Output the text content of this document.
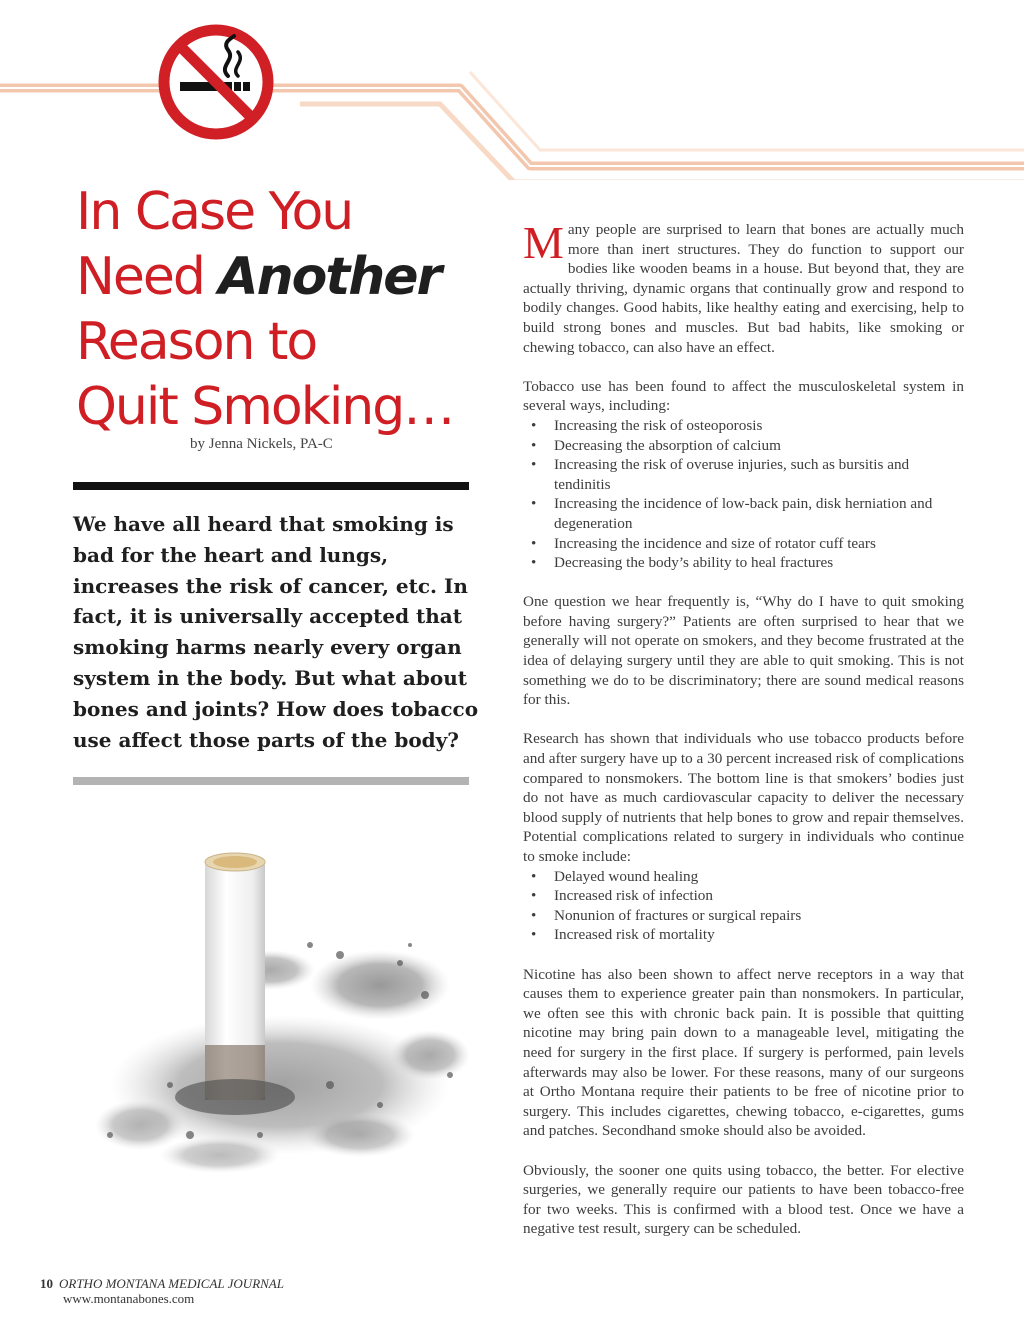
In Case You
Need Another
Reason to
Quit Smoking…
by Jenna Nickels, PA-C
We have all heard that smoking is bad for the heart and lungs, increases the risk of cancer, etc. In fact, it is universally accepted that smoking harms nearly every organ system in the body. But what about bones and joints? How does tobacco use affect those parts of the body?

Many people are surprised to learn that bones are actually much more than inert structures. They do function to support our bodies like wooden beams in a house. But beyond that, they are actually thriving, dynamic organs that continually grow and respond to bodily changes. Good habits, like healthy eating and exercising, help to build strong bones and muscles. But bad habits, like smoking or chewing tobacco, can also have an effect.

Tobacco use has been found to affect the musculoskeletal system in several ways, including:

• Increasing the risk of osteoporosis
• Decreasing the absorption of calcium
• Increasing the risk of overuse injuries, such as bursitis and tendinitis
• Increasing the incidence of low-back pain, disk herniation and degeneration
• Increasing the incidence and size of rotator cuff tears
• Decreasing the body’s ability to heal fractures

One question we hear frequently is, “Why do I have to quit smoking before having surgery?” Patients are often surprised to hear that we generally will not operate on smokers, and they become frustrated at the idea of delaying surgery until they are able to quit smoking. This is not something we do to be discriminatory; there are sound medical reasons for this.

Research has shown that individuals who use tobacco products before and after surgery have up to a 30 percent increased risk of complications compared to nonsmokers. The bottom line is that smokers’ bodies just do not have as much cardiovascular capacity to deliver the necessary blood supply of nutrients that help bones to grow and repair themselves. Potential complications related to surgery in individuals who continue to smoke include:

• Delayed wound healing
• Increased risk of infection
• Nonunion of fractures or surgical repairs
• Increased risk of mortality

Nicotine has also been shown to affect nerve receptors in a way that causes them to experience greater pain than nonsmokers. In particular, we often see this with chronic back pain. It is possible that quitting nicotine may bring pain down to a manageable level, mitigating the need for surgery in the first place. If surgery is performed, pain levels afterwards may also be lower. For these reasons, many of our surgeons at Ortho Montana require their patients to be free of nicotine prior to surgery. This includes cigarettes, chewing tobacco, e-cigarettes, gums and patches. Secondhand smoke should also be avoided.

Obviously, the sooner one quits using tobacco, the better. For elective surgeries, we generally require our patients to have been tobacco-free for two weeks. This is confirmed with a blood test. Once we have a negative test result, surgery can be scheduled.

10 ORTHO MONTANA MEDICAL JOURNAL
www.montanabones.com
